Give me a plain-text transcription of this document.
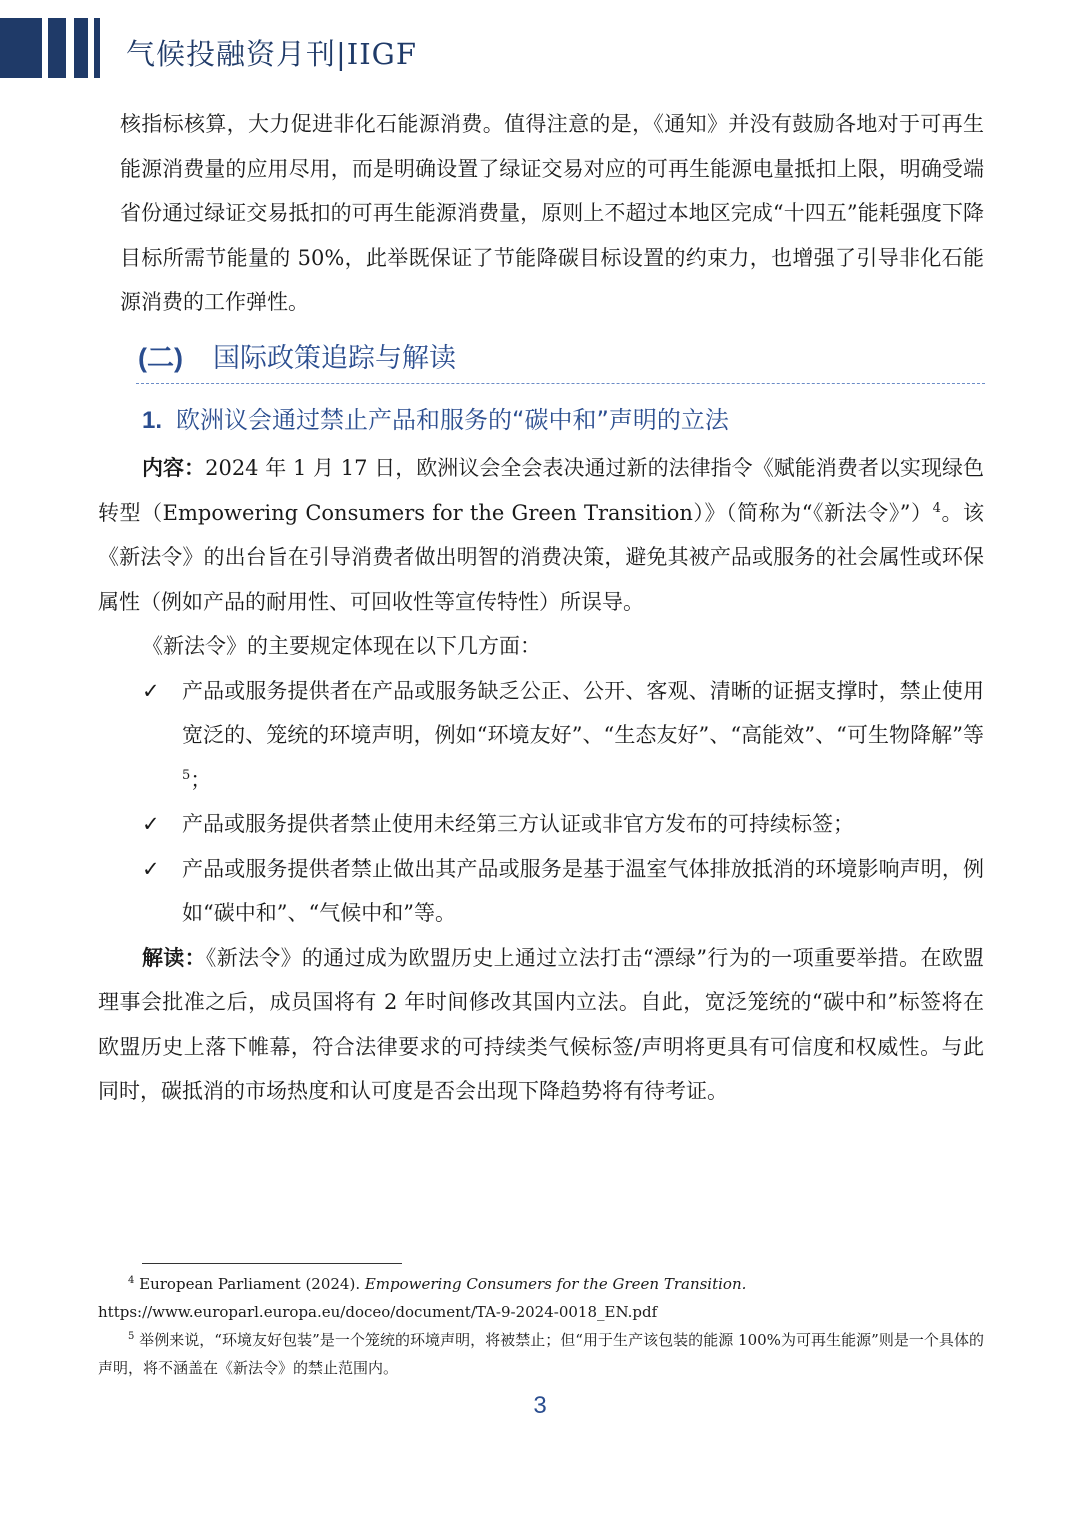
气候投融资月刊|IIGF

核指标核算，大力促进非化石能源消费。值得注意的是，《通知》并没有鼓励各地对于可再生能源消费量的应用尽用，而是明确设置了绿证交易对应的可再生能源电量抵扣上限，明确受端省份通过绿证交易抵扣的可再生能源消费量，原则上不超过本地区完成“十四五”能耗强度下降目标所需节能量的 50%，此举既保证了节能降碳目标设置的约束力，也增强了引导非化石能源消费的工作弹性。

(二) 国际政策追踪与解读
1. 欧洲议会通过禁止产品和服务的“碳中和”声明的立法

内容：2024 年 1 月 17 日，欧洲议会全会表决通过新的法律指令《赋能消费者以实现绿色转型（Empowering Consumers for the Green Transition）》（简称为“《新法令》”）$^4$。该《新法令》的出台旨在引导消费者做出明智的消费决策，避免其被产品或服务的社会属性或环保属性（例如产品的耐用性、可回收性等宣传特性）所误导。

《新法令》的主要规定体现在以下几方面：

✓ 产品或服务提供者在产品或服务缺乏公正、公开、客观、清晰的证据支撑时，禁止使用宽泛的、笼统的环境声明，例如“环境友好”、“生态友好”、“高能效”、“可生物降解”等$^5$；

✓ 产品或服务提供者禁止使用未经第三方认证或非官方发布的可持续标签；

✓ 产品或服务提供者禁止做出其产品或服务是基于温室气体排放抵消的环境影响声明，例如“碳中和”、“气候中和”等。

解读：《新法令》的通过成为欧盟历史上通过立法打击“漂绿”行为的一项重要举措。在欧盟理事会批准之后，成员国将有 2 年时间修改其国内立法。自此，宽泛笼统的“碳中和”标签将在欧盟历史上落下帷幕，符合法律要求的可持续类气候标签/声明将更具有可信度和权威性。与此同时，碳抵消的市场热度和认可度是否会出现下降趋势将有待考证。

$^4$ European Parliament (2024). Empowering Consumers for the Green Transition.

https://www.europarl.europa.eu/doceo/document/TA-9-2024-0018_EN.pdf

$^5$ 举例来说，“环境友好包装”是一个笼统的环境声明，将被禁止；但“用于生产该包装的能源 100%为可再生能源”则是一个具体的声明，将不涵盖在《新法令》的禁止范围内。

3
